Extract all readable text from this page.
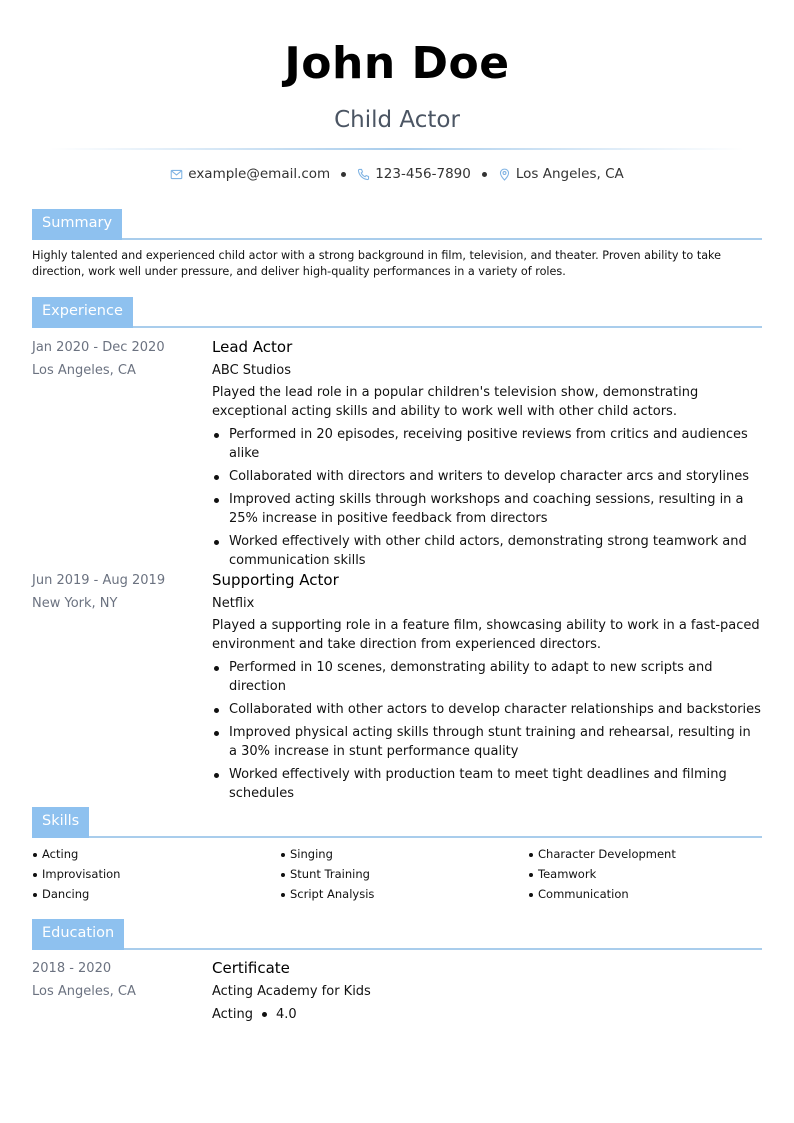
John Doe
Child Actor
example@email.com	123-456-7890	Los Angeles, CA
Summary
Highly talented and experienced child actor with a strong background in film, television, and theater. Proven ability to take direction, work well under pressure, and deliver high-quality performances in a variety of roles.
Experience
Jan 2020 - Dec 2020
Los Angeles, CA
Lead Actor
ABC Studios
Played the lead role in a popular children's television show, demonstrating exceptional acting skills and ability to work well with other child actors.
Performed in 20 episodes, receiving positive reviews from critics and audiences alike
Collaborated with directors and writers to develop character arcs and storylines
Improved acting skills through workshops and coaching sessions, resulting in a 25% increase in positive feedback from directors
Worked effectively with other child actors, demonstrating strong teamwork and communication skills
Jun 2019 - Aug 2019
New York, NY
Supporting Actor
Netflix
Played a supporting role in a feature film, showcasing ability to work in a fast-paced environment and take direction from experienced directors.
Performed in 10 scenes, demonstrating ability to adapt to new scripts and direction
Collaborated with other actors to develop character relationships and backstories
Improved physical acting skills through stunt training and rehearsal, resulting in a 30% increase in stunt performance quality
Worked effectively with production team to meet tight deadlines and filming schedules
Skills
Acting	Singing	Character Development
Improvisation	Stunt Training	Teamwork
Dancing	Script Analysis	Communication
Education
2018 - 2020
Los Angeles, CA
Certificate
Acting Academy for Kids
Acting 4.0
